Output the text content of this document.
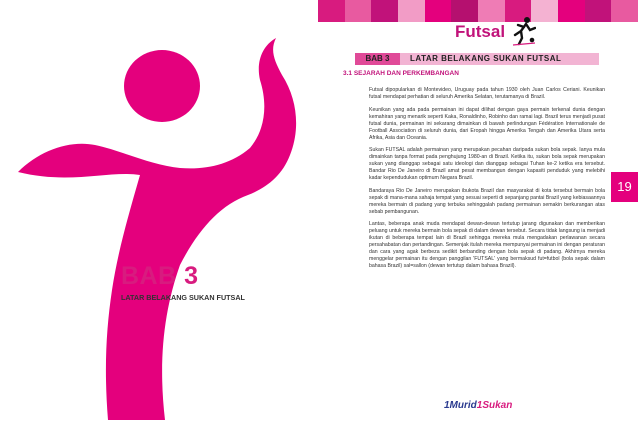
Futsal
BAB 3	LATAR BELAKANG SUKAN FUTSAL
3.1 SEJARAH DAN PERKEMBANGAN

Futsal dipopularkan di Montevideo, Uruguay pada tahun 1930 oleh Juan Carlos Ceriani. Keunikan futsal mendapat perhatian di seluruh Amerika Selatan, terutamanya di Brazil.

Keunikan yang ada pada permainan ini dapat dilihat dengan gaya permain terkenal dunia dengan kemahiran yang menarik seperti Kaka, Ronaldinho, Robinho dan ramai lagi. Brazil terus menjadi pusat futsal dunia, permainan ini sekarang dimainkan di bawah perlindungan Fédération Internationale de Football Association di seluruh dunia, dari Eropah hingga Amerika Tengah dan Amerika Utara serta Afrika, Asia dan Oceania.

Sukan FUTSAL adalah permainan yang merupakan pecahan daripada sukan bola sepak. Ianya mula dimainkan tanpa format pada penghujung 1980-an di Brazil. Ketika itu, sukan bola sepak merupakan sukan yang dianggap sebagai satu ideologi dan dianggap sebagai Tuhan ke-2 ketika era tersebut. Bandar Rio De Janeiro di Brazil amat pesat membangun dengan kapasiti penduduk yang melebihi kadar kependudukan optimum Negara Brazil.

Bandaraya Rio De Janeiro merupakan ibukota Brazil dan masyarakat di kota tersebut bermain bola sepak di mana-mana sahaja tempat yang sesuai seperti di sepanjang pantai Brazil yang kebiasaannya mereka bermain di padang yang terbuka sehinggalah padang permainan semakin berkurangan atas sebab pembangunan.

Lantas, beberapa anak muda mendapat dewan-dewan tertutup jarang digunakan dan memberikan peluang untuk mereka bermain bola sepak di dalam dewan tersebut. Secara tidak langsung ia menjadi ikutan di beberapa tempat lain di Brazil sehingga mereka mula mengadakan perlawanan secara persahabatan dan pertandingan. Semenjak itulah mereka mempunyai permainan ini dengan peraturan dan cara yang agak berbeza sedikit berbanding dengan bola sepak di padang. Akhirnya mereka menggelar permainan itu dengan panggilan 'FUTSAL' yang bermaksud fut=futbol (bola sepak dalam bahasa Brazil) sal=sallon (dewan tertutup dalam bahasa Brazil).

19
BAB 3
LATAR BELAKANG SUKAN FUTSAL
1Murid1Sukan
